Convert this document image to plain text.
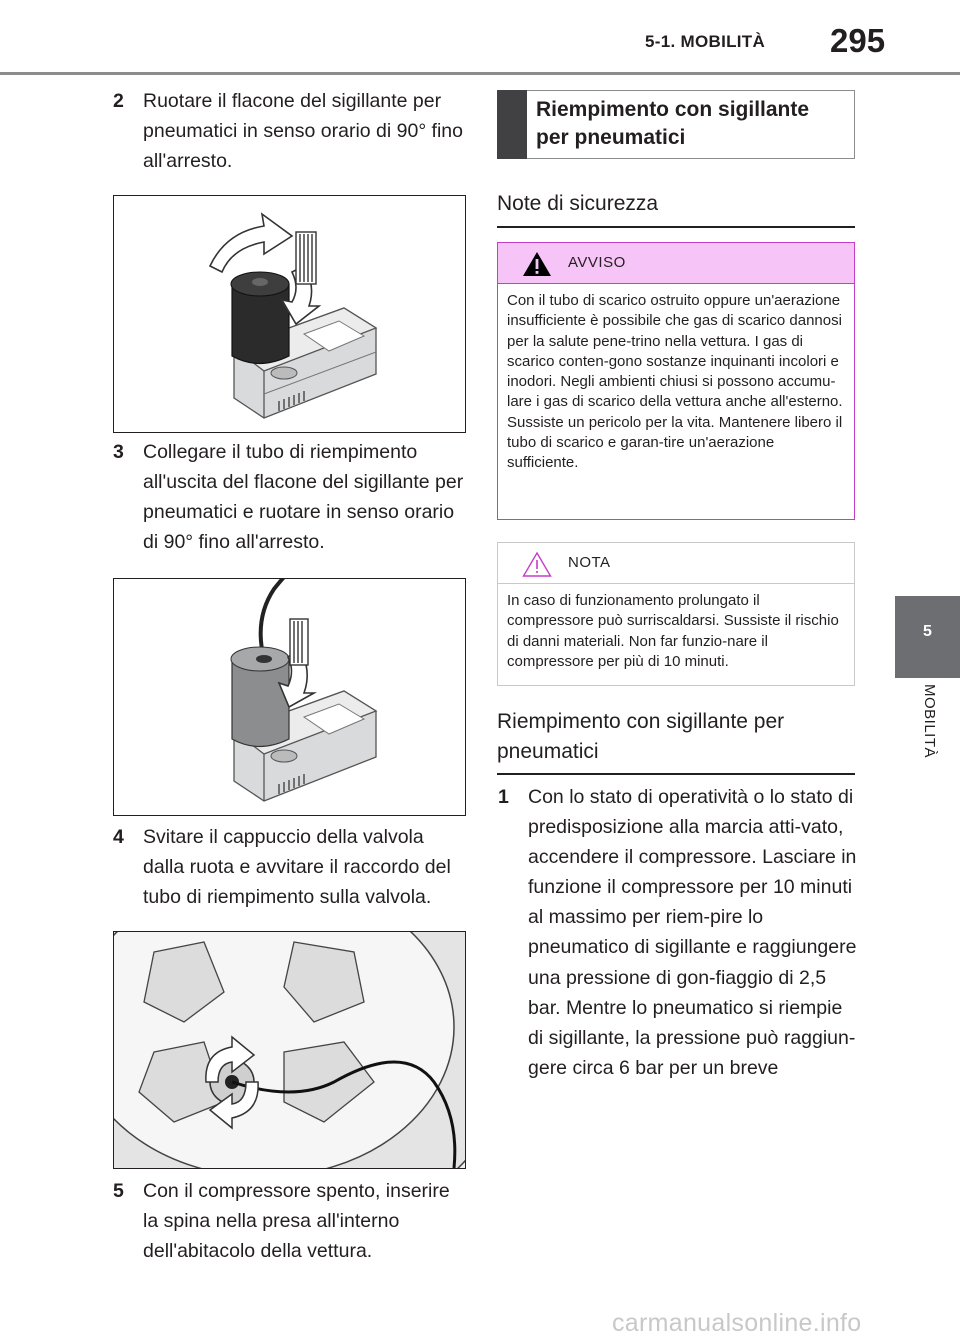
5-1. MOBILITÀ 295
5
MOBILITÀ
2 Ruotare il flacone del sigillante per pneumatici in senso orario di 90° fino all'arresto.
3 Collegare il tubo di riempimento all'uscita del flacone del sigillante per pneumatici e ruotare in senso orario di 90° fino all'arresto.
4 Svitare il cappuccio della valvola dalla ruota e avvitare il raccordo del tubo di riempimento sulla valvola.
5 Con il compressore spento, inserire la spina nella presa all'interno dell'abitacolo della vettura.
Riempimento con sigillante per pneumatici
Note di sicurezza
AVVISO
Con il tubo di scarico ostruito oppure un'aerazione insufficiente è possibile che gas di scarico dannosi per la salute pene-trino nella vettura. I gas di scarico conten-gono sostanze inquinanti incolori e inodori. Negli ambienti chiusi si possono accumu-lare i gas di scarico della vettura anche all'esterno. Sussiste un pericolo per la vita. Mantenere libero il tubo di scarico e garan-tire un'aerazione sufficiente.
NOTA
In caso di funzionamento prolungato il compressore può surriscaldarsi. Sussiste il rischio di danni materiali. Non far funzio-nare il compressore per più di 10 minuti.
Riempimento con sigillante per pneumatici
1 Con lo stato di operatività o lo stato di predisposizione alla marcia atti-vato, accendere il compressore. Lasciare in funzione il compressore per 10 minuti al massimo per riem-pire lo pneumatico di sigillante e raggiungere una pressione di gon-fiaggio di 2,5 bar. Mentre lo pneumatico si riempie di sigillante, la pressione può raggiun-gere circa 6 bar per un breve
carmanualsonline.info
